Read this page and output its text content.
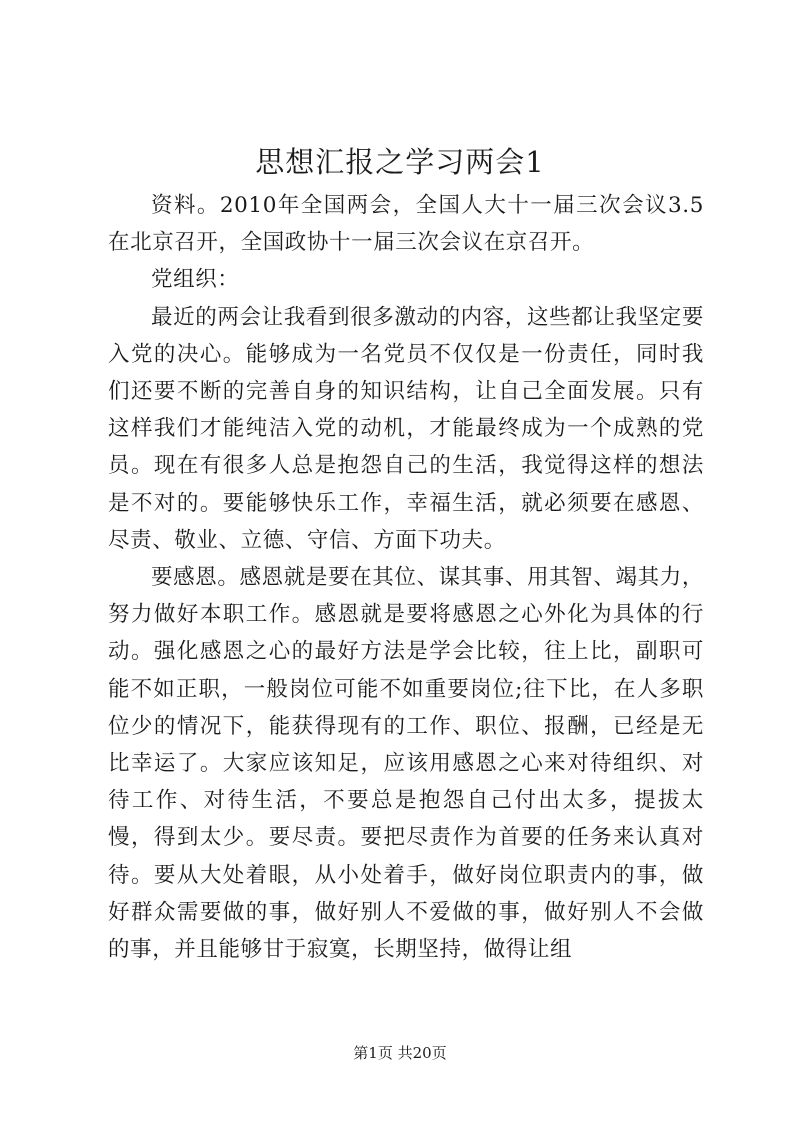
思想汇报之学习两会1

资料。2010年全国两会，全国人大十一届三次会议3.5在北京召开，全国政协十一届三次会议在京召开。

党组织：

最近的两会让我看到很多激动的内容，这些都让我坚定要入党的决心。能够成为一名党员不仅仅是一份责任，同时我们还要不断的完善自身的知识结构，让自己全面发展。只有这样我们才能纯洁入党的动机，才能最终成为一个成熟的党员。现在有很多人总是抱怨自己的生活，我觉得这样的想法是不对的。要能够快乐工作，幸福生活，就必须要在感恩、尽责、敬业、立德、守信、方面下功夫。

要感恩。感恩就是要在其位、谋其事、用其智、竭其力，努力做好本职工作。感恩就是要将感恩之心外化为具体的行动。强化感恩之心的最好方法是学会比较，往上比，副职可能不如正职，一般岗位可能不如重要岗位;往下比，在人多职位少的情况下，能获得现有的工作、职位、报酬，已经是无比幸运了。大家应该知足，应该用感恩之心来对待组织、对待工作、对待生活，不要总是抱怨自己付出太多，提拔太慢，得到太少。要尽责。要把尽责作为首要的任务来认真对待。要从大处着眼，从小处着手，做好岗位职责内的事，做好群众需要做的事，做好别人不爱做的事，做好别人不会做的事，并且能够甘于寂寞，长期坚持，做得让组

第1页 共20页
